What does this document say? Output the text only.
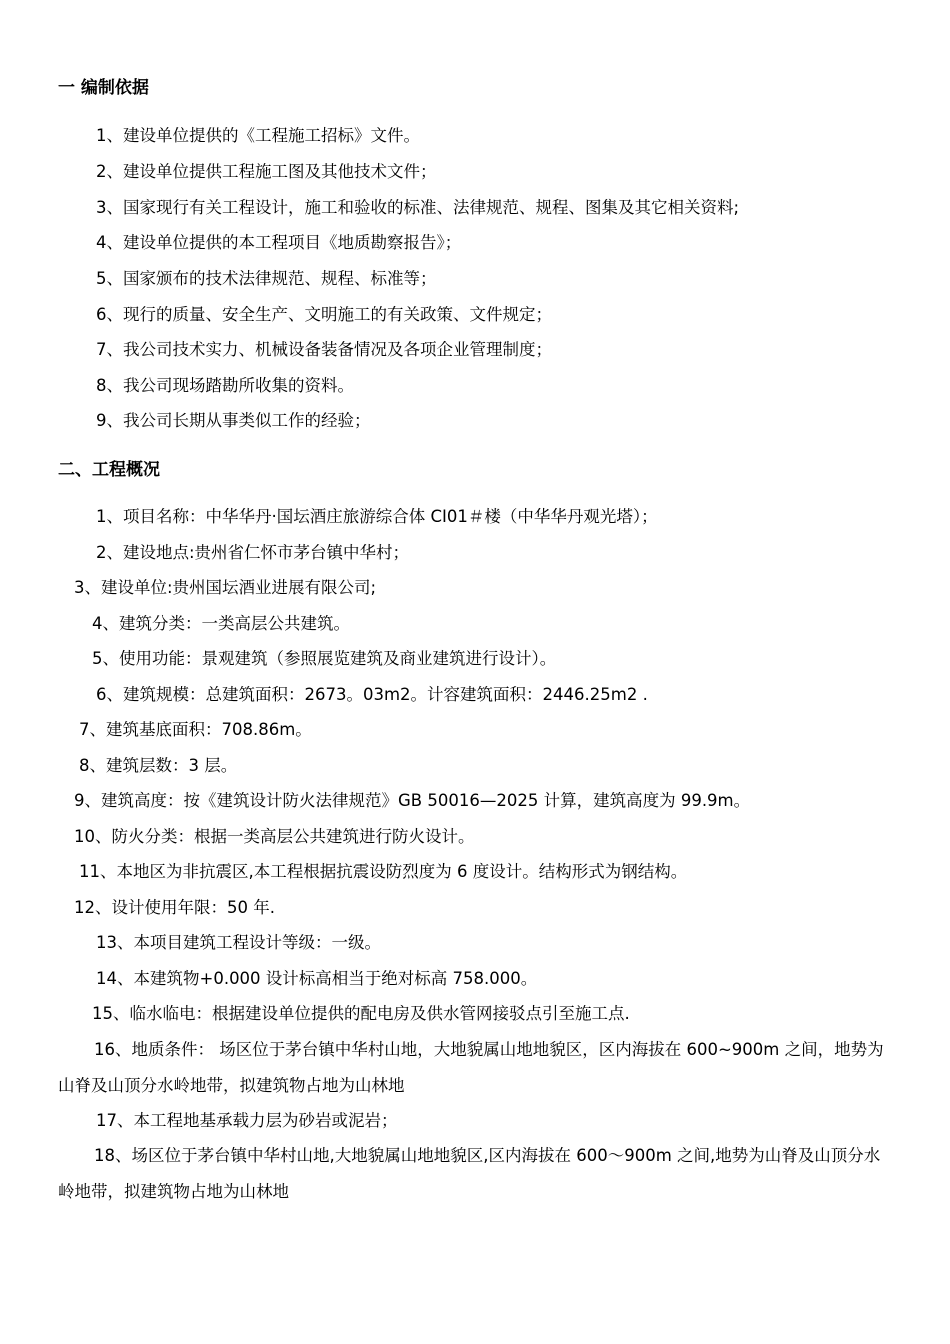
一 编制依据
1、建设单位提供的《工程施工招标》文件。
2、建设单位提供工程施工图及其他技术文件；
3、国家现行有关工程设计，施工和验收的标准、法律规范、规程、图集及其它相关资料;
4、建设单位提供的本工程项目《地质勘察报告》；
5、国家颁布的技术法律规范、规程、标准等；
6、现行的质量、安全生产、文明施工的有关政策、文件规定；
7、我公司技术实力、机械设备装备情况及各项企业管理制度；
8、我公司现场踏勘所收集的资料。
9、我公司长期从事类似工作的经验；
二、工程概况
1、项目名称：中华华丹·国坛酒庄旅游综合体 CI01＃楼（中华华丹观光塔）；
2、建设地点:贵州省仁怀市茅台镇中华村；
3、建设单位:贵州国坛酒业进展有限公司;
4、建筑分类：一类高层公共建筑。
5、使用功能：景观建筑（参照展览建筑及商业建筑进行设计）。
6、建筑规模：总建筑面积：2673。03m2。计容建筑面积：2446.25m2 .
7、建筑基底面积：708.86m。
8、建筑层数：3 层。
9、建筑高度：按《建筑设计防火法律规范》GB 50016—2025 计算，建筑高度为 99.9m。
10、防火分类：根据一类高层公共建筑进行防火设计。
11、本地区为非抗震区,本工程根据抗震设防烈度为 6 度设计。结构形式为钢结构。
12、设计使用年限：50 年.
13、本项目建筑工程设计等级：一级。
14、本建筑物+0.000 设计标高相当于绝对标高 758.000。
15、临水临电：根据建设单位提供的配电房及供水管网接驳点引至施工点.
16、地质条件： 场区位于茅台镇中华村山地，大地貌属山地地貌区，区内海拔在 600~900m 之间，地势为山脊及山顶分水岭地带，拟建筑物占地为山林地
17、本工程地基承载力层为砂岩或泥岩；
18、场区位于茅台镇中华村山地,大地貌属山地地貌区,区内海拔在 600～900m 之间,地势为山脊及山顶分水岭地带，拟建筑物占地为山林地
